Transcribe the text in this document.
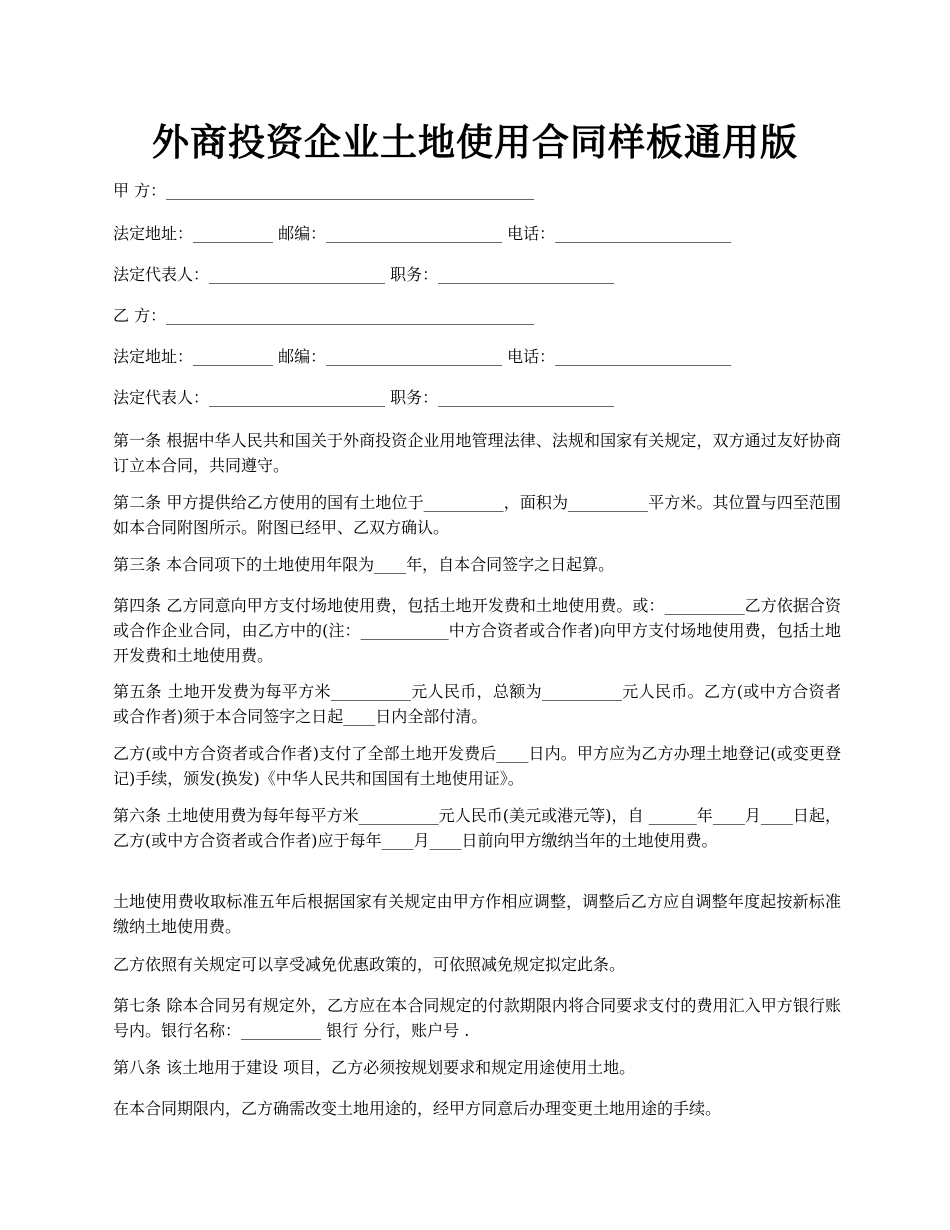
外商投资企业土地使用合同样板通用版
甲 方：______________________________________________
法定地址：__________ 邮编：______________________ 电话：______________________
法定代表人：______________________ 职务：______________________
乙 方：______________________________________________
法定地址：__________ 邮编：______________________ 电话：______________________
法定代表人：______________________ 职务：______________________
第一条 根据中华人民共和国关于外商投资企业用地管理法律、法规和国家有关规定，双方通过友好协商订立本合同，共同遵守。
第二条 甲方提供给乙方使用的国有土地位于__________，面积为__________平方米。其位置与四至范围如本合同附图所示。附图已经甲、乙双方确认。
第三条 本合同项下的土地使用年限为____年，自本合同签字之日起算。
第四条 乙方同意向甲方支付场地使用费，包括土地开发费和土地使用费。或：__________乙方依据合资或合作企业合同，由乙方中的(注：___________中方合资者或合作者)向甲方支付场地使用费，包括土地开发费和土地使用费。
第五条 土地开发费为每平方米__________元人民币，总额为__________元人民币。乙方(或中方合资者或合作者)须于本合同签字之日起____日内全部付清。
乙方(或中方合资者或合作者)支付了全部土地开发费后____日内。甲方应为乙方办理土地登记(或变更登记)手续，颁发(换发)《中华人民共和国国有土地使用证》。
第六条 土地使用费为每年每平方米__________元人民币(美元或港元等)，自 ______年____月____日起，乙方(或中方合资者或合作者)应于每年____月____日前向甲方缴纳当年的土地使用费。
土地使用费收取标准五年后根据国家有关规定由甲方作相应调整，调整后乙方应自调整年度起按新标准缴纳土地使用费。
乙方依照有关规定可以享受减免优惠政策的，可依照减免规定拟定此条。
第七条 除本合同另有规定外，乙方应在本合同规定的付款期限内将合同要求支付的费用汇入甲方银行账号内。银行名称：__________ 银行 分行，账户号 .
第八条 该土地用于建设 项目，乙方必须按规划要求和规定用途使用土地。
在本合同期限内，乙方确需改变土地用途的，经甲方同意后办理变更土地用途的手续。
